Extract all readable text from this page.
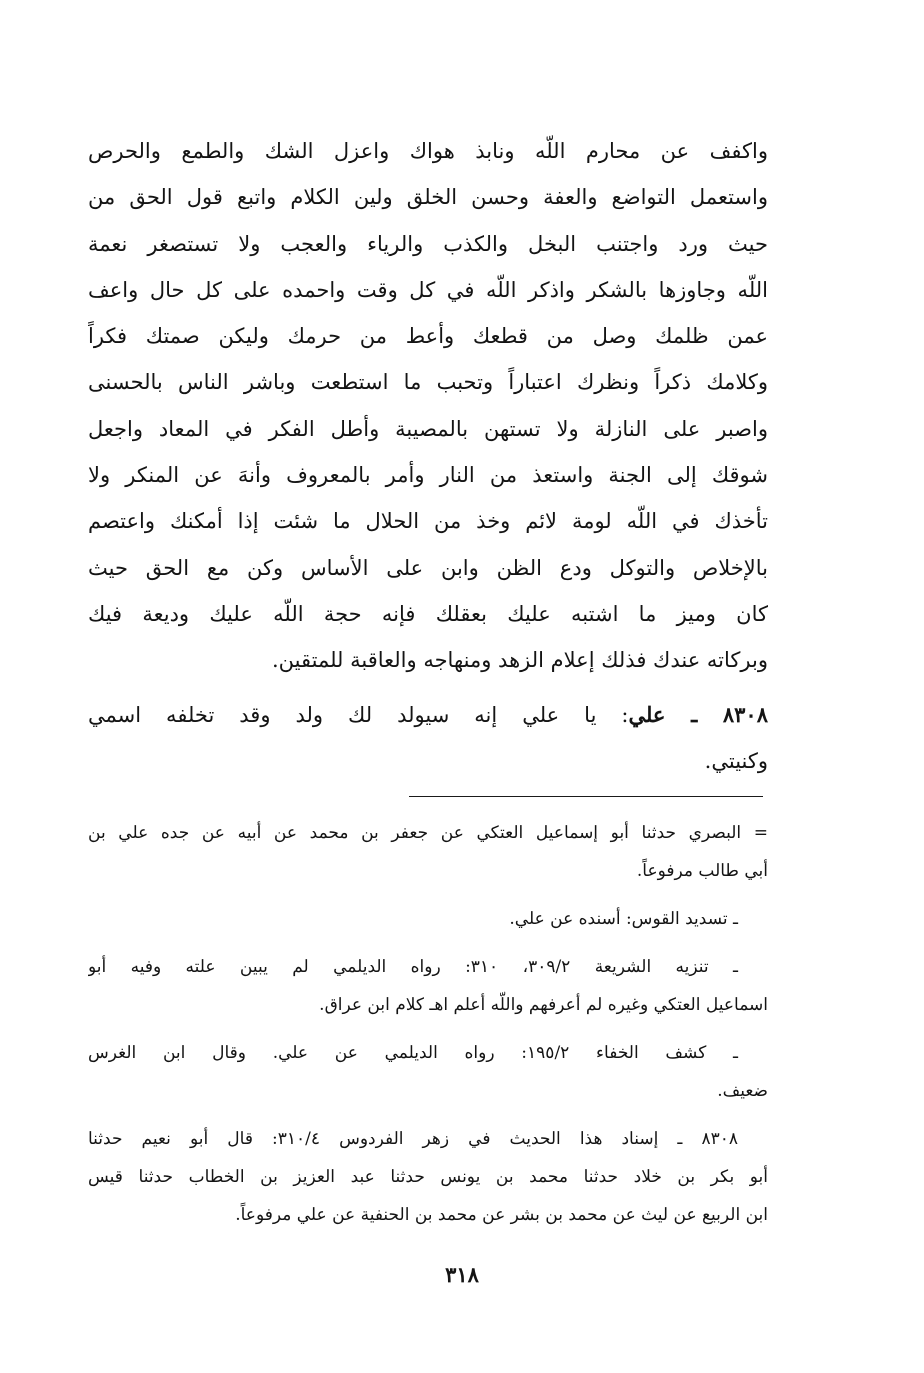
واكفف عن محارم اللّه ونابذ هواك واعزل الشك والطمع والحرص
واستعمل التواضع والعفة وحسن الخلق ولين الكلام واتبع قول الحق من
حيث ورد واجتنب البخل والكذب والرياء والعجب ولا تستصغر نعمة
اللّه وجاوزها بالشكر واذكر اللّه في كل وقت واحمده على كل حال واعف
عمن ظلمك وصل من قطعك وأعط من حرمك وليكن صمتك فكراً
وكلامك ذكراً ونظرك اعتباراً وتحبب ما استطعت وباشر الناس بالحسنى
واصبر على النازلة ولا تستهن بالمصيبة وأطل الفكر في المعاد واجعل
شوقك إلى الجنة واستعذ من النار وأمر بالمعروف وأنهَ عن المنكر ولا
تأخذك في اللّه لومة لائم وخذ من الحلال ما شئت إذا أمكنك واعتصم
بالإخلاص والتوكل ودع الظن وابن على الأساس وكن مع الحق حيث
كان وميز ما اشتبه عليك بعقلك فإنه حجة اللّه عليك وديعة فيك
وبركاته عندك فذلك إعلام الزهد ومنهاجه والعاقبة للمتقين.
٨٣٠٨ ـ علي: يا علي إنه سيولد لك ولد وقد تخلفه اسمي
وكنيتي.
= البصري حدثنا أبو إسماعيل العتكي عن جعفر بن محمد عن أبيه عن جده علي بن
أبي طالب مرفوعاً.
ـ تسديد القوس: أسنده عن علي.
ـ تنزيه الشريعة ٣٠٩/٢، ٣١٠: رواه الديلمي لم يبين علته وفيه أبو
اسماعيل العتكي وغيره لم أعرفهم واللّه أعلم اهـ كلام ابن عراق.
ـ كشف الخفاء ١٩٥/٢: رواه الديلمي عن علي. وقال ابن الغرس
ضعيف.
٨٣٠٨ ـ إسناد هذا الحديث في زهر الفردوس ٣١٠/٤: قال أبو نعيم حدثنا
أبو بكر بن خلاد حدثنا محمد بن يونس حدثنا عبد العزيز بن الخطاب حدثنا قيس
ابن الربيع عن ليث عن محمد بن بشر عن محمد بن الحنفية عن علي مرفوعاً.
٣١٨
